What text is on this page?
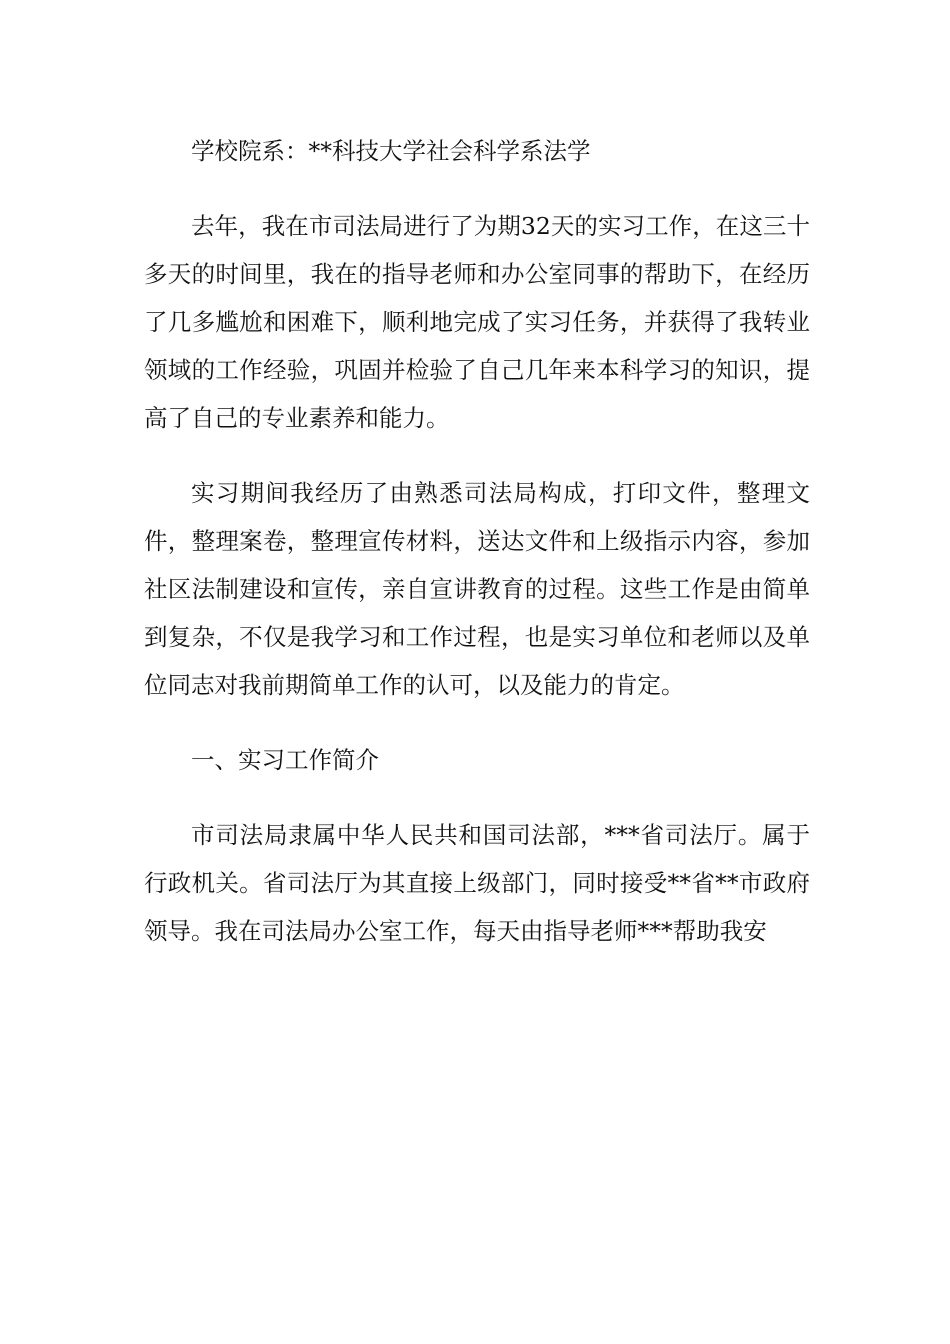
学校院系：**科技大学社会科学系法学

去年，我在市司法局进行了为期32天的实习工作，在这三十多天的时间里，我在的指导老师和办公室同事的帮助下，在经历了几多尴尬和困难下，顺利地完成了实习任务，并获得了我转业领域的工作经验，巩固并检验了自己几年来本科学习的知识，提高了自己的专业素养和能力。

实习期间我经历了由熟悉司法局构成，打印文件，整理文件，整理案卷，整理宣传材料，送达文件和上级指示内容，参加社区法制建设和宣传，亲自宣讲教育的过程。这些工作是由简单到复杂，不仅是我学习和工作过程，也是实习单位和老师以及单位同志对我前期简单工作的认可，以及能力的肯定。

一、实习工作简介

市司法局隶属中华人民共和国司法部，***省司法厅。属于行政机关。省司法厅为其直接上级部门，同时接受**省**市政府领导。我在司法局办公室工作，每天由指导老师***帮助我安
